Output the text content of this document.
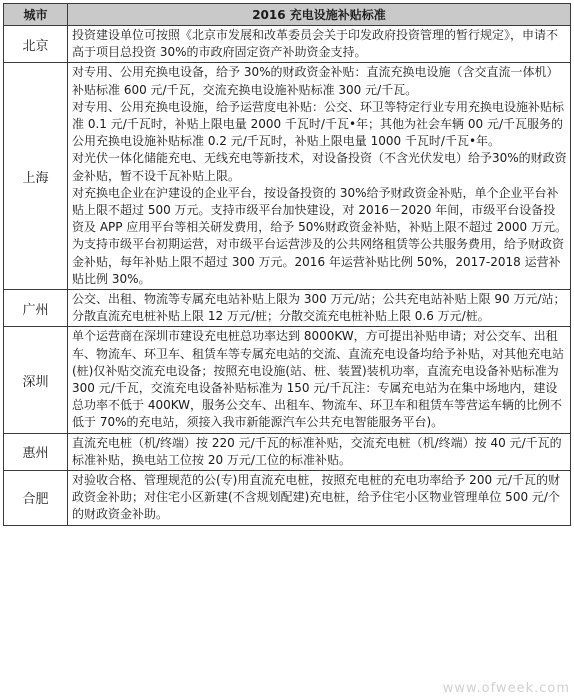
城市	2016 充电设施补贴标准
北京	投资建设单位可按照《北京市发展和改革委员会关于印发政府投资管理的暂行规定》，申请不高于项目总投资 30%的市政府固定资产补助资金支持。

上海	对专用、公用充换电设备，给予 30%的财政资金补贴：直流充换电设施（含交直流一体机）补贴标准 600 元/千瓦，交流充换电设施补贴标准 300 元/千瓦。

对专用、公用充换电设施，给予运营度电补贴：公交、环卫等特定行业专用充换电设施补贴标准 0.1 元/千瓦时，补贴上限电量 2000 千瓦时/千瓦•年；其他为社会车辆 00 元/千瓦服务的公用充换电设施补贴标准 0.2 元/千瓦时，补贴上限电量 1000 千瓦时/千瓦•年。

对光伏一体化储能充电、无线充电等新技术，对设备投资（不含光伏发电）给予30%的财政资金补贴，暂不设千瓦补贴上限。

对充换电企业在沪建设的企业平台，按设备投资的 30%给予财政资金补贴，单个企业平台补贴上限不超过 500 万元。支持市级平台加快建设，对 2016－2020 年间，市级平台设备投资及 APP 应用平台等相关研发费用，给予 50%财政资金补贴，补贴上限不超过 2000 万元。

为支持市级平台初期运营，对市级平台运营涉及的公共网络租赁等公共服务费用，给予财政资金补贴，每年补贴上限不超过 300 万元。2016 年运营补贴比例 50%，2017-2018 运营补贴比例 30%。

广州	公交、出租、物流等专属充电站补贴上限为 300 万元/站；公共充电站补贴上限 90 万元/站；分散直流充电桩补贴上限 12 万元/桩；分散交流充电桩补贴上限 0.6 万元/桩。

深圳	单个运营商在深圳市建设充电桩总功率达到 8000KW，方可提出补贴申请；对公交车、出租车、物流车、环卫车、租赁车等专属充电站的交流、直流充电设备均给予补贴，对其他充电站(桩)仅补贴交流充电设备；按照充电设施(站、桩、装置)装机功率，直流充电设备补贴标准为 300 元/千瓦，交流充电设备补贴标准为 150 元/千瓦注：专属充电站为在集中场地内，建设总功率不低于 400KW，服务公交车、出租车、物流车、环卫车和租赁车等营运车辆的比例不低于 70%的充电站，须接入我市新能源汽车公共充电智能服务平台)。

惠州	直流充电桩（机/终端）按 220 元/千瓦的标准补贴，交流充电桩（机/终端）按 40 元/千瓦的标准补贴，换电站工位按 20 万元/工位的标准补贴。

合肥	对验收合格、管理规范的公(专)用直流充电桩，按照充电桩的充电功率给予 200 元/千瓦的财政资金补助；对住宅小区新建(不含规划配建)充电桩，给予住宅小区物业管理单位 500 元/个的财政资金补助。

www.ofweek.com
